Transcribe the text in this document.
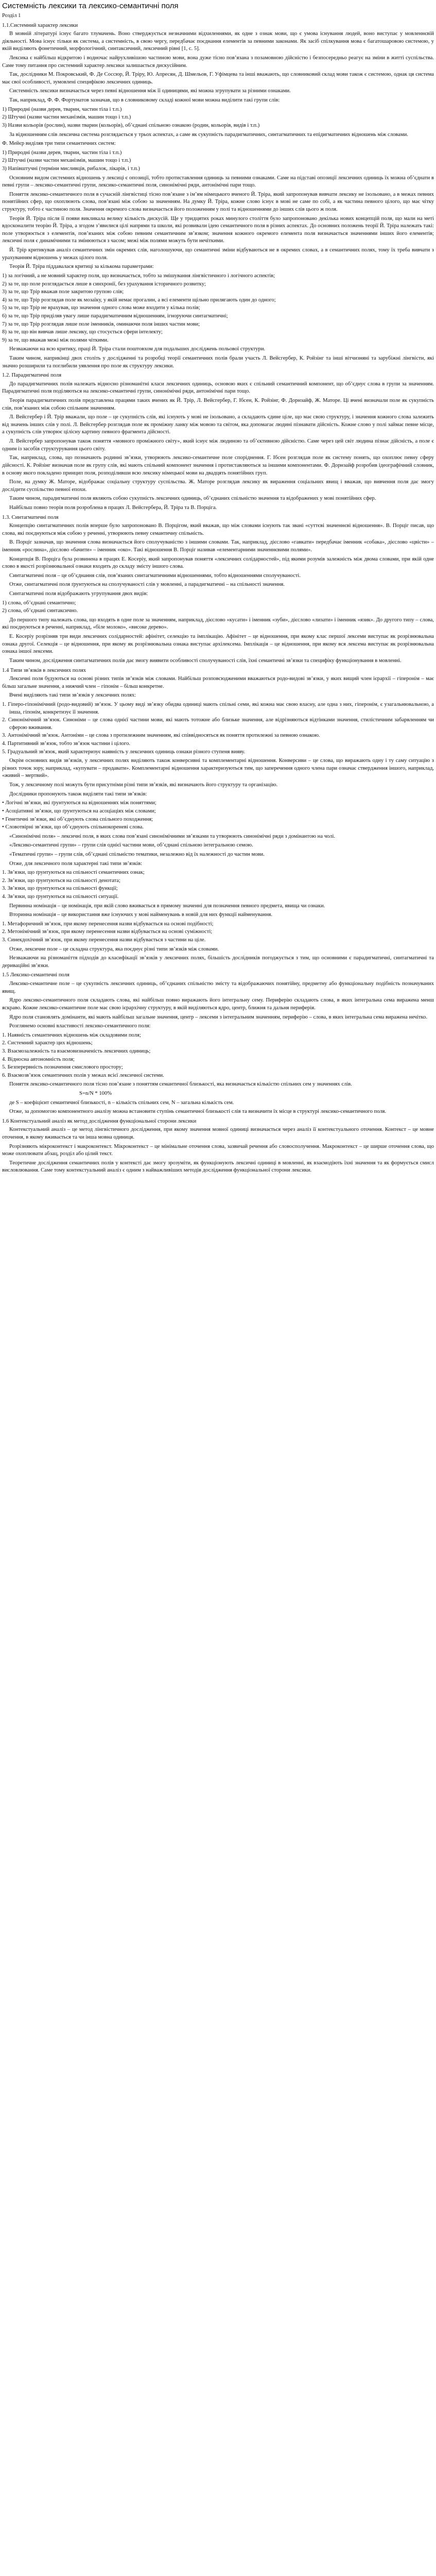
Системність лексики та лексико-семантичні поля
Розділ 1
1.1.Системний характер лексики

В мовній літературі існує багато тлумачень. Воно стверджується незначними відхиленнями, як одне з ознак мови, що є умова існування людей, воно виступає у мовленнєвій діяльності. Мова існує тільки як система, а системність, в свою чергу, передбачає поєднання елементів за певними законами. Як засіб спілкування мова є багатошаровою системою, у якій виділяють фонетичний, морфологічний, синтаксичний, лексичний рівні [1, с. 5].

Лексика є найбільш відкритою і водночас найрухливішою частиною мови, вона дуже тісно пов’язана з позамовною дійсністю і безпосередньо реагує на зміни в житті суспільства. Саме тому питання про системний характер лексики залишається дискусійним.

Так, дослідники М. Покровський, Ф. Де Соссюр, Й. Тріру, Ю. Апресян, Д. Шмельов, Г. Уфімцева та інші вважають, що словниковий склад мови також є системою, однак ця система має свої особливості, зумовлені специфікою лексичних одиниць.

Системність лексики визначається через певні відношення між її одиницями, які можна згрупувати за різними ознаками.

Так, наприклад, Ф. Ф. Фортунатов зазначав, що в словниковому складі кожної мови можна виділити такі групи слів:

1) Природні (назви дерев, тварин, частин тіла і т.п.)
2) Штучні (назви частин механізмів, машин тощо і т.п.)
3) Назви кольорів (рослин), назви тварин (кольорів), обʼєднані спільною ознакою (родин, кольорів, видів і т.п.)

За відношенням слів лексична система розглядається у трьох аспектах, а саме як сукупність парадигматичних, синтагматичних та епідигматичних відношень між словами.

Ф. Мейєр виділяв три типи семантичних систем:

1) Природні (назви дерев, тварин, частин тіла і т.п.)
2) Штучні (назви частин механізмів, машин тощо і т.п.)
3) Напівштучні (терміни мисливців, рибалок, лікарів, і т.п.)

Основним видом системних відношень у лексиці є опозиції, тобто протиставлення одиниць за певними ознаками. Саме на підставі опозиції лексичних одиниць їх можна об’єднати в певні групи – лексико-семантичні групи, лексико-семантичні поля, синонімічні ряди, антонімічні пари тощо.

Поняття лексико-семантичного поля в сучасній лінгвістиці тісно пов’язане з ім’ям німецького вченого Й. Тріра, який запропонував вивчати лексику не ізольовано, а в межах певних понятійних сфер, що охоплюють слова, пов’язані між собою за значенням. На думку Й. Тріра, кожне слово існує в мові не саме по собі, а як частина певного цілого, що має чітку структуру, тобто є частиною поля. Значення окремого слова визначається його положенням у полі та відношеннями до інших слів цього ж поля.

Теорія Й. Тріра після її появи викликала велику кількість дискусій. Ще у тридцятих роках минулого століття було запропоновано декілька нових концепцій поля, що мали на меті вдосконалити теорію Й. Тріра, а згодом з’явилися цілі напрями та школи, які розвивали ідею семантичного поля в різних аспектах. До основних положень теорії Й. Тріра належать такі: поле утворюється з елементів, пов’язаних між собою певним семантичним зв’язком; значення кожного окремого елемента поля визначається значеннями інших його елементів; лексичні поля є динамічними та змінюються з часом; межі між полями можуть бути нечіткими.

Й. Трір критикував аналіз семантичних змін окремих слів, наголошуючи, що семантичні зміни відбуваються не в окремих словах, а в семантичних полях, тому їх треба вивчати з урахуванням відношень у межах цілого поля.

Теорія Й. Тріра піддавалася критиці за кількома параметрами:

1) за логічний, а не мовний характер поля, що визначається, тобто за змішування лінгвістичного і логічного аспектів;
2) за те, що поле розглядається лише в синхронії, без урахування історичного розвитку;
3) за те, що Трір вважав поле закритою групою слів;
4) за те, що Трір розглядав поле як мозаїку, у якій немає прогалин, а всі елементи щільно прилягають один до одного;
5) за те, що Трір не врахував, що значення одного слова може входити у кілька полів;
6) за те, що Трір приділяв увагу лише парадигматичним відношенням, ігноруючи синтагматичні;
7) за те, що Трір розглядав лише поле іменників, оминаючи поля інших частин мови;
8) за те, що він вивчав лише лексику, що стосується сфери інтелекту;
9) за те, що вважав межі між полями чіткими.

Незважаючи на всю критику, праці Й. Тріра стали поштовхом для подальших досліджень польової структури.

Таким чином, наприкінці двох століть у дослідженні та розробці теорії семантичних полів брали участь Л. Вейсгербер, К. Ройзінг та інші вітчизняні та зарубіжні лінгвісти, які значно розширили та поглибили уявлення про поле як структуру лексики.

1.2. Парадигматичні поля

До парадигматичних полів належать відносно різноманітні класи лексичних одиниць, основою яких є спільний семантичний компонент, що об’єднує слова в групи за значенням. Парадигматичні поля поділяються на лексико-семантичні групи, синонімічні ряди, антонімічні пари тощо.

Теорія парадигматичних полів представлена працями таких вчених як Й. Трір, Л. Вейсгербер, Г. Ібсен, К. Ройзінг, Ф. Дорнзайф, Ж. Маторе. Ці вчені визначали поле як сукупність слів, пов’язаних між собою спільним значенням.

Л. Вейсгербер і Й. Трір вважали, що поле – це сукупність слів, які існують у мові не ізольовано, а складають єдине ціле, що має свою структуру, і значення кожного слова залежить від значень інших слів у полі. Л. Вейсгербер розглядав поле як проміжну ланку між мовою та світом, яка допомагає людині пізнавати дійсність. Кожне слово у полі займає певне місце, а сукупність слів утворює цілісну картину певного фрагмента дійсності.

Л. Вейсгербер запропонував також поняття «мовного проміжного світу», який існує між людиною та об’єктивною дійсністю. Саме через цей світ людина пізнає дійсність, а поле є одним із засобів структурування цього світу.

Так, наприклад, слова, що позначають родинні зв’язки, утворюють лексико-семантичне поле споріднення. Г. Ібсен розглядав поле як систему понять, що охоплює певну сферу дійсності. К. Ройзінг визначав поле як групу слів, які мають спільний компонент значення і протиставляються за іншими компонентами. Ф. Дорнзайф розробив ідеографічний словник, в основу якого покладено принцип поля, розподіливши всю лексику німецької мови на двадцять понятійних груп.

Поле, на думку Ж. Маторе, відображає соціальну структуру суспільства. Ж. Маторе розглядав лексику як вираження соціальних явищ і вважав, що вивчення поля дає змогу дослідити суспільство певної епохи.

Таким чином, парадигматичні поля являють собою сукупність лексичних одиниць, об’єднаних спільністю значення та відображених у мові понятійних сфер.

Найбільш повно теорія поля розроблена в працях Л. Вейсгербера, Й. Тріра та В. Порціга.

1.3. Синтагматичні поля

Концепцію синтагматичних полів вперше було запропоновано В. Порцігом, який вважав, що між словами існують так звані «суттєві значеннєві відношення». В. Порціг писав, що слова, які поєднуються між собою у реченні, утворюють певну семантичну спільність.

В. Порціг зазначав, що значення слова визначається його сполучуваністю з іншими словами. Так, наприклад, дієслово «гавкати» передбачає іменник «собака», дієслово «цвісти» – іменник «рослина», дієслово «бачити» – іменник «око». Такі відношення В. Порціг називав «елементарними значеннєвими полями».

Концепція В. Порціга була розвинена в працях Е. Косеріу, який запропонував поняття «лексичних солідарностей», під якими розумів залежність між двома словами, при якій одне слово в якості розрізнювальної ознаки входить до складу змісту іншого слова.

Синтагматичні поля – це об’єднання слів, пов’язаних синтагматичними відношеннями, тобто відношеннями сполучуваності.

Отже, синтагматичні поля ґрунтуються на сполучуваності слів у мовленні, а парадигматичні – на спільності значення.

Синтагматичні поля відображають угрупування двох видів:

1) слова, об’єднані семантично;
2) слова, об’єднані синтаксично.

До першого типу належать слова, що входять в одне поле за значенням, наприклад, дієслово «кусати» і іменник «зуби», дієслово «лизати» і іменник «язик». До другого типу – слова, які поєднуються в реченні, наприклад, «біле молоко», «високе дерево».

Е. Косеріу розрізняв три види лексичних солідарностей: афінітет, селекцію та імплікацію. Афінітет – це відношення, при якому клас першої лексеми виступає як розрізнювальна ознака другої. Селекція – це відношення, при якому як розрізнювальна ознака виступає архілексема. Імплікація – це відношення, при якому вся лексема виступає як розрізнювальна ознака іншої лексеми.

Таким чином, дослідження синтагматичних полів дає змогу виявити особливості сполучуваності слів, їхні семантичні зв’язки та специфіку функціонування в мовленні.

1.4 Типи зв’язків в лексичних полях

Лексичні поля будуються на основі різних типів зв’язків між словами. Найбільш розповсюдженими вважаються родо-видові зв’язки, у яких вищий член ієрархії – гіперонім – має більш загальне значення, а нижчий член – гіпонім – більш конкретне.

Вчені виділяють такі типи зв’язків у лексичних полях:

1. Гіперо-гіпонімічний (родо-видовий) зв’язок. У цьому виді зв’язку обидва одиниці мають спільні семи, які кожна має свою власну, але одна з них, гіперонім, є узагальнювальною, а інша, гіпонім, конкретизує її значення.
2. Синонімічний зв’язок. Синоніми – це слова однієї частини мови, які мають тотожне або близьке значення, але відрізняються відтінками значення, стилістичним забарвленням чи сферою вживання.
3. Антонімічний зв’язок. Антоніми – це слова з протилежним значенням, які співвідносяться як поняття протилежні за певною ознакою.
4. Партитивний зв’язок, тобто зв’язок частини і цілого.
5. Градуальний зв’язок, який характеризує наявність у лексичних одиниць ознаки різного ступеня вияву.

Окрім основних видів зв’язків, у лексичних полях виділяють також конверсивні та комплементарні відношення. Конверсиви – це слова, що виражають одну і ту саму ситуацію з різних точок зору, наприклад, «купувати – продавати». Комплементарні відношення характеризуються тим, що заперечення одного члена пари означає ствердження іншого, наприклад, «живий – мертвий».

Тож, у лексичному полі можуть бути присутніми різні типи зв’язків, які визначають його структуру та організацію.

Дослідники пропонують також виділяти такі типи зв’язків:

• Логічні зв’язки, які ґрунтуються на відношеннях між поняттями;
• Асоціативні зв’язки, що ґрунтуються на асоціаціях між словами;
• Генетичні зв’язки, які об’єднують слова спільного походження;
• Словотвірні зв’язки, що об’єднують спільнокореневі слова.

«Синонімічні поля» – лексичні поля, в яких слова пов’язані синонімічними зв’язками та утворюють синонімічні ряди з домінантою на чолі.

«Лексико-семантичні групи» – групи слів однієї частини мови, об’єднані спільною інтегральною семою.

«Тематичні групи» – групи слів, об’єднані спільністю тематики, незалежно від їх належності до частин мови.

Отже, для лексичного поля характерні такі типи зв’язків:

1. Зв’язки, що ґрунтуються на спільності семантичних ознак;
2. Зв’язки, що ґрунтуються на спільності денотата;
3. Зв’язки, що ґрунтуються на спільності функції;
4. Зв’язки, що ґрунтуються на спільності ситуації.

Первинна номінація – це номінація, при якій слово вживається в прямому значенні для позначення певного предмета, явища чи ознаки.

Вторинна номінація – це використання вже існуючих у мові найменувань в новій для них функції найменування.

1. Метафоричний зв’язок, при якому перенесення назви відбувається на основі подібності;
2. Метонімічний зв’язок, при якому перенесення назви відбувається на основі суміжності;
3. Синекдохічний зв’язок, при якому перенесення назви відбувається з частини на ціле.

Отже, лексичне поле – це складна структура, яка поєднує різні типи зв’язків між словами.

Незважаючи на різноманіття підходів до класифікації зв’язків у лексичних полях, більшість дослідників погоджується з тим, що основними є парадигматичні, синтагматичні та дериваційні зв’язки.

1.5 Лексико-семантичні поля

Лексико-семантичне поле – це сукупність лексичних одиниць, об’єднаних спільністю змісту та відображаючих понятійну, предметну або функціональну подібність позначуваних явищ.

Ядро лексико-семантичного поля складають слова, які найбільш повно виражають його інтегральну сему. Периферію складають слова, в яких інтегральна сема виражена менш яскраво. Кожне лексико-семантичне поле має свою ієрархічну структуру, в якій виділяються ядро, центр, ближня та дальня периферія.

Ядро поля становлять домінанти, які мають найбільш загальне значення, центр – лексеми з інтегральним значенням, периферію – слова, в яких інтегральна сема виражена нечітко.

Розглянемо основні властивості лексико-семантичного поля:

1. Наявність семантичних відношень між складовими поля;
2. Системний характер цих відношень;
3. Взаємозалежність та взаємовизначеність лексичних одиниць;
4. Відносна автономність поля;
5. Безперервність позначення смислового простору;
6. Взаємозв’язок семантичних полів у межах всієї лексичної системи.

Поняття лексико-семантичного поля тісно пов’язане з поняттям семантичної близькості, яка визначається кількістю спільних сем у значеннях слів.

S=n/N * 100%

де S – коефіцієнт семантичної близькості, n – кількість спільних сем, N – загальна кількість сем.

Отже, за допомогою компонентного аналізу можна встановити ступінь семантичної близькості слів та визначити їх місце в структурі лексико-семантичного поля.

1.6 Контекстуальний аналіз як метод дослідження функціональної сторони лексики

Контекстуальний аналіз – це метод лінгвістичного дослідження, при якому значення мовної одиниці визначається через аналіз її контекстуального оточення. Контекст – це мовне оточення, в якому вживається та чи інша мовна одиниця.

Розрізняють мікроконтекст і макроконтекст. Мікроконтекст – це мінімальне оточення слова, зазвичай речення або словосполучення. Макроконтекст – це ширше оточення слова, що може охоплювати абзац, розділ або цілий текст.

Теоретичне дослідження семантичних полів у контексті дає змогу зрозуміти, як функціонують лексичні одиниці в мовленні, як взаємодіють їхні значення та як формується смисл висловлювання. Саме тому контекстуальний аналіз є одним з найважливіших методів дослідження функціональної сторони лексики.
